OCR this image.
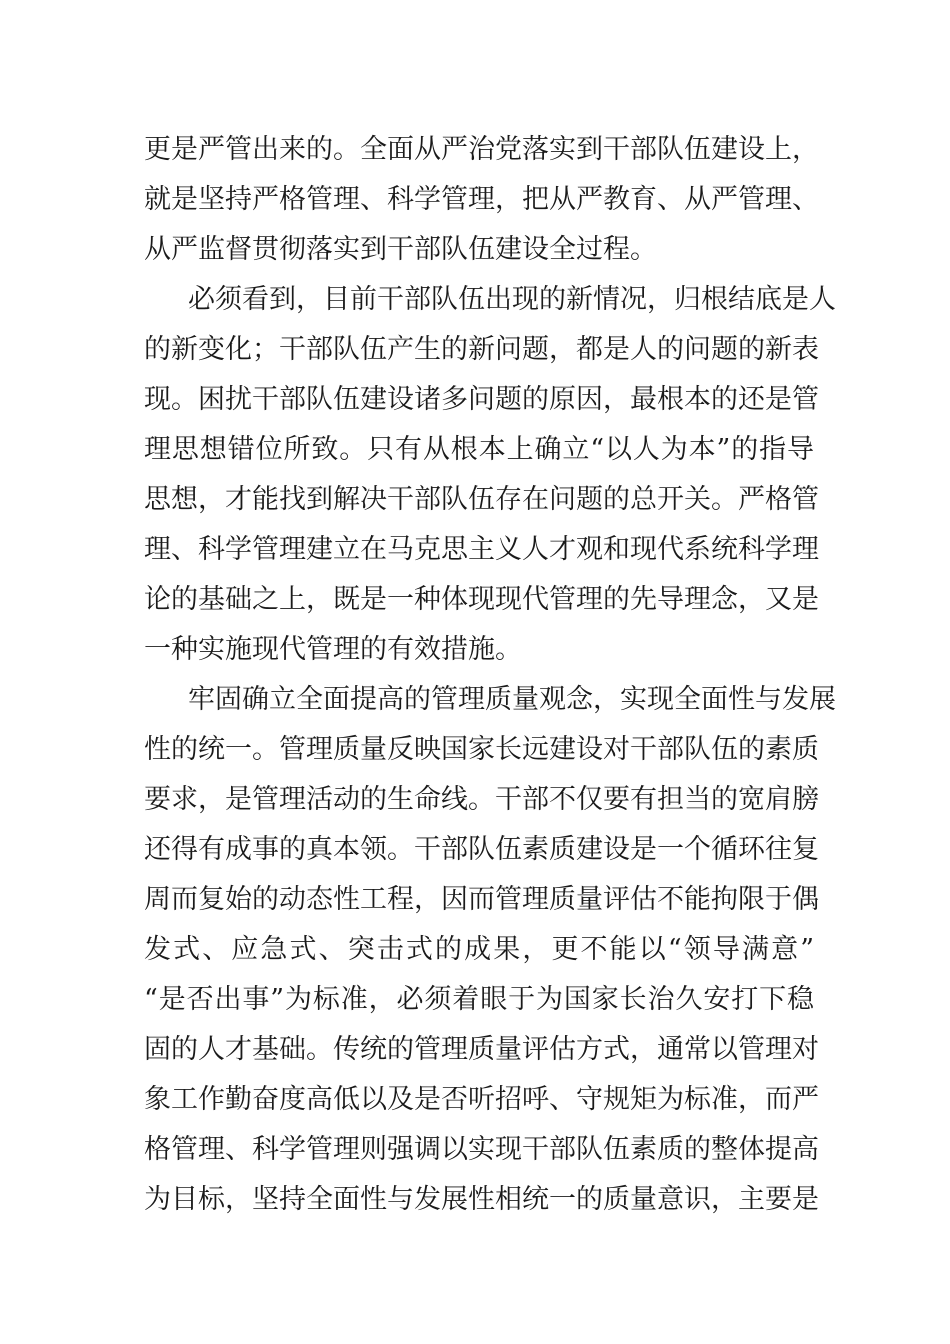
更是严管出来的。全面从严治党落实到干部队伍建设上，
就是坚持严格管理、科学管理，把从严教育、从严管理、
从严监督贯彻落实到干部队伍建设全过程。
必须看到，目前干部队伍出现的新情况，归根结底是人
的新变化；干部队伍产生的新问题，都是人的问题的新表
现。困扰干部队伍建设诸多问题的原因，最根本的还是管
理思想错位所致。只有从根本上确立“以人为本”的指导
思想，才能找到解决干部队伍存在问题的总开关。严格管
理、科学管理建立在马克思主义人才观和现代系统科学理
论的基础之上，既是一种体现现代管理的先导理念，又是
一种实施现代管理的有效措施。
牢固确立全面提高的管理质量观念，实现全面性与发展
性的统一。管理质量反映国家长远建设对干部队伍的素质
要求，是管理活动的生命线。干部不仅要有担当的宽肩膀
还得有成事的真本领。干部队伍素质建设是一个循环往复
周而复始的动态性工程，因而管理质量评估不能拘限于偶
发式、应急式、突击式的成果，更不能以“领导满意”
“是否出事”为标准，必须着眼于为国家长治久安打下稳
固的人才基础。传统的管理质量评估方式，通常以管理对
象工作勤奋度高低以及是否听招呼、守规矩为标准，而严
格管理、科学管理则强调以实现干部队伍素质的整体提高
为目标，坚持全面性与发展性相统一的质量意识，主要是
